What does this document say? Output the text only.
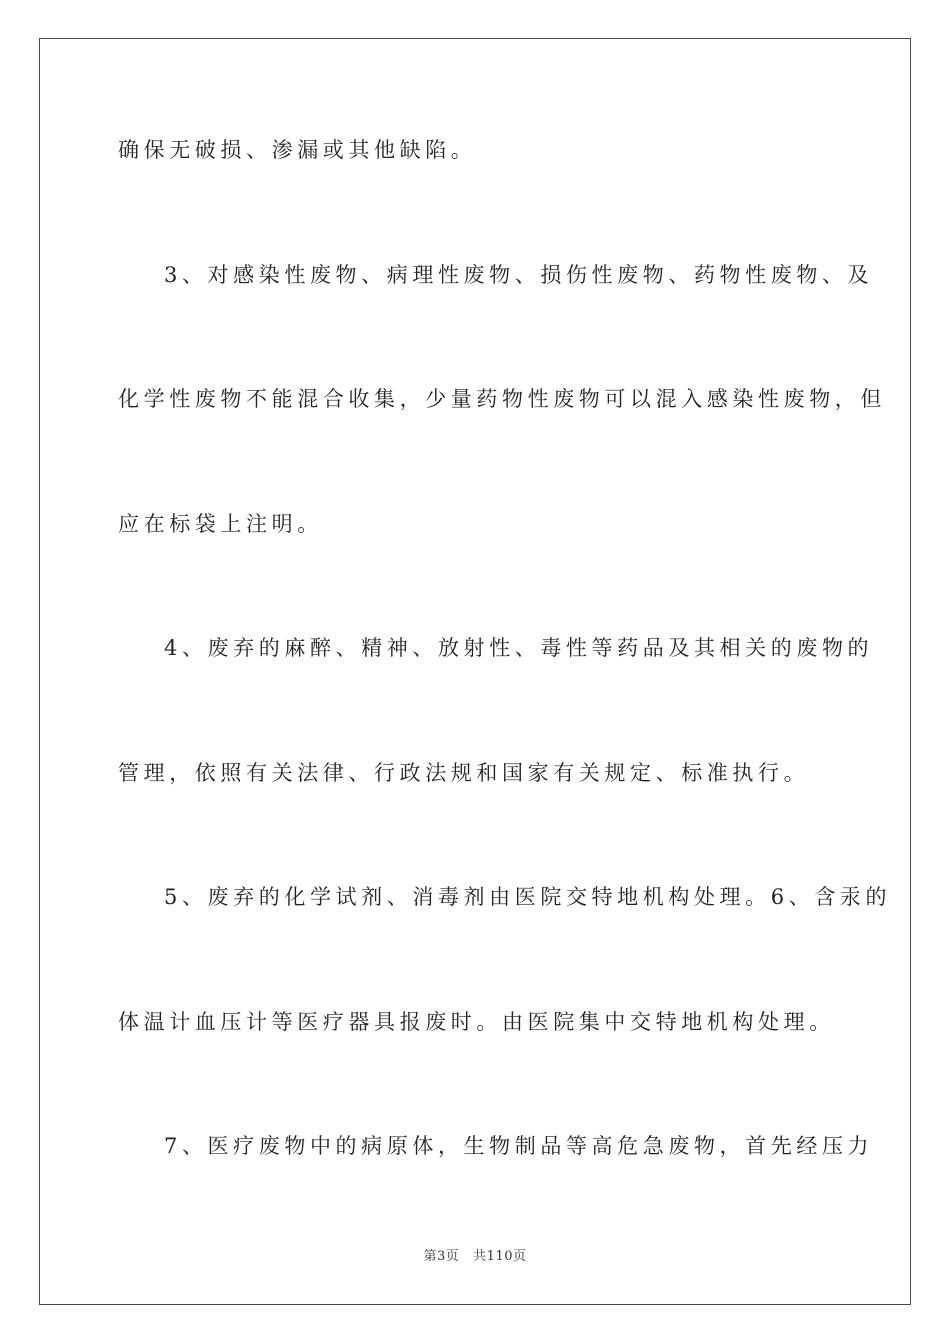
确保无破损、渗漏或其他缺陷。
3、对感染性废物、病理性废物、损伤性废物、药物性废物、及
化学性废物不能混合收集，少量药物性废物可以混入感染性废物，但
应在标袋上注明。
4、废弃的麻醉、精神、放射性、毒性等药品及其相关的废物的
管理，依照有关法律、行政法规和国家有关规定、标准执行。
5、废弃的化学试剂、消毒剂由医院交特地机构处理。6、含汞的
体温计血压计等医疗器具报废时。由医院集中交特地机构处理。
7、医疗废物中的病原体，生物制品等高危急废物，首先经压力
第3页 共110页
